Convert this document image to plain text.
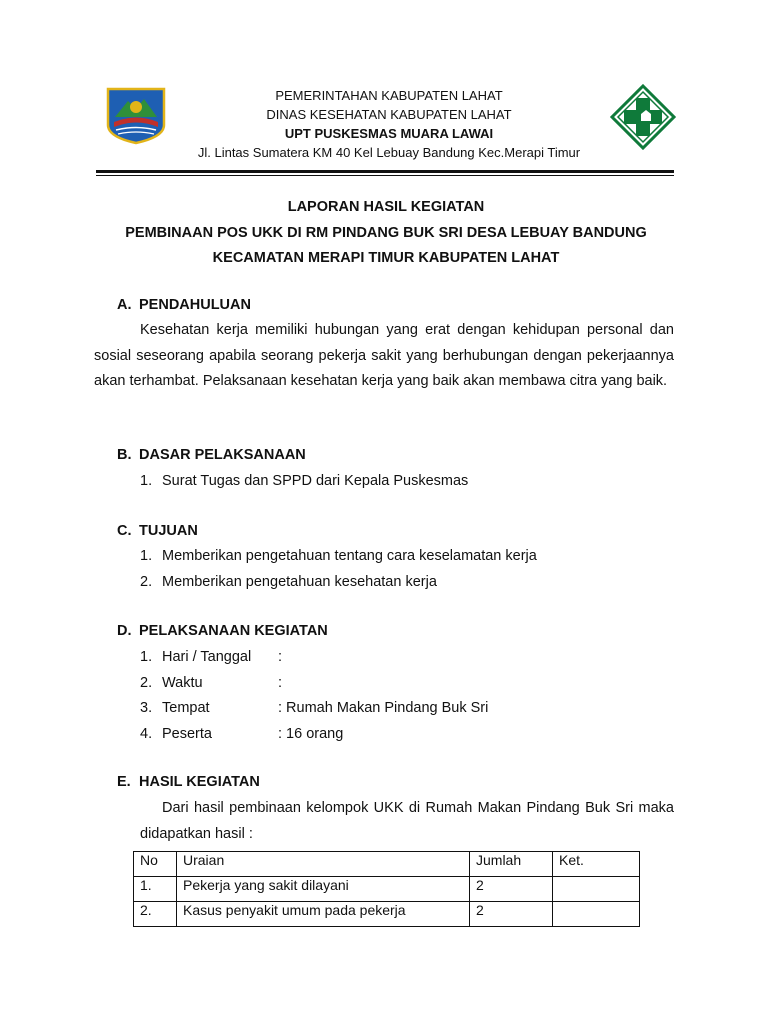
PEMERINTAHAN KABUPATEN LAHAT
DINAS KESEHATAN KABUPATEN LAHAT
UPT PUSKESMAS MUARA LAWAI
Jl. Lintas Sumatera KM 40 Kel Lebuay Bandung Kec.Merapi Timur
LAPORAN HASIL KEGIATAN
PEMBINAAN POS UKK DI RM PINDANG BUK SRI DESA LEBUAY BANDUNG
KECAMATAN MERAPI TIMUR KABUPATEN LAHAT
A. PENDAHULUAN
Kesehatan kerja memiliki hubungan yang erat dengan kehidupan personal dan sosial seseorang apabila seorang pekerja sakit yang berhubungan dengan pekerjaannya akan terhambat. Pelaksanaan kesehatan kerja yang baik akan membawa citra yang baik.
B. DASAR PELAKSANAAN
1. Surat Tugas dan SPPD dari Kepala Puskesmas
C. TUJUAN
1. Memberikan pengetahuan tentang cara keselamatan kerja
2. Memberikan pengetahuan kesehatan kerja
D. PELAKSANAAN KEGIATAN
1. Hari / Tanggal :
2. Waktu	:
3. Tempat	: Rumah Makan Pindang Buk Sri
4. Peserta	: 16 orang
E. HASIL KEGIATAN
Dari hasil pembinaan kelompok UKK di Rumah Makan Pindang Buk Sri maka didapatkan hasil :
No	Uraian	Jumlah	Ket.
1.	Pekerja yang sakit dilayani	2	
2.	Kasus penyakit umum pada pekerja	2	
